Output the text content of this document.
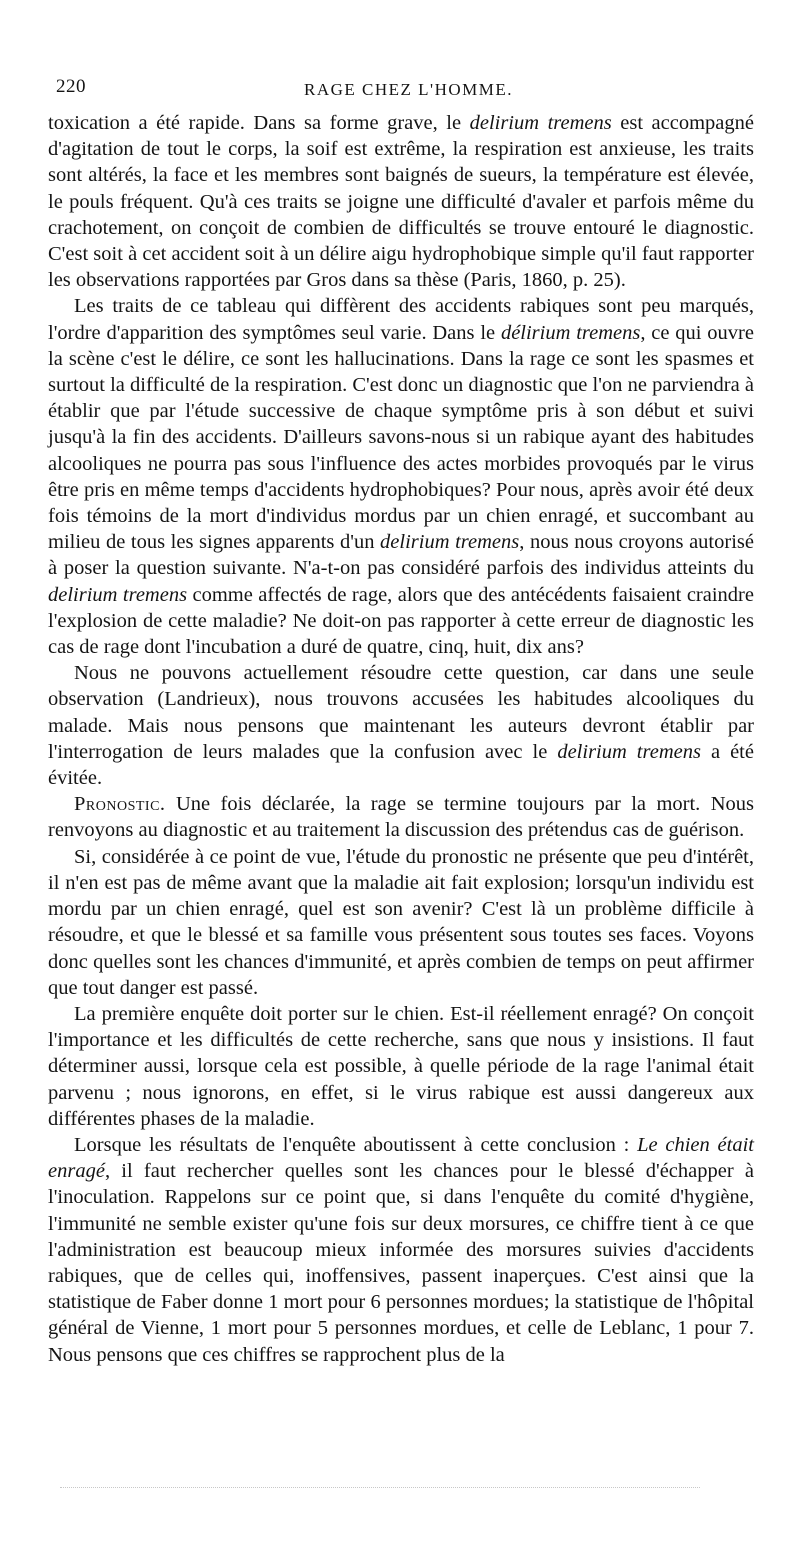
220	RAGE CHEZ L'HOMME.

toxication a été rapide. Dans sa forme grave, le delirium tremens est accompagné d'agitation de tout le corps, la soif est extrême, la respiration est anxieuse, les traits sont altérés, la face et les membres sont baignés de sueurs, la température est élevée, le pouls fréquent. Qu'à ces traits se joigne une difficulté d'avaler et parfois même du crachotement, on conçoit de combien de difficultés se trouve entouré le diagnostic. C'est soit à cet accident soit à un délire aigu hydrophobique simple qu'il faut rapporter les observations rapportées par Gros dans sa thèse (Paris, 1860, p. 25).

Les traits de ce tableau qui diffèrent des accidents rabiques sont peu marqués, l'ordre d'apparition des symptômes seul varie. Dans le délirium tremens, ce qui ouvre la scène c'est le délire, ce sont les hallucinations. Dans la rage ce sont les spasmes et surtout la difficulté de la respiration. C'est donc un diagnostic que l'on ne parviendra à établir que par l'étude successive de chaque symptôme pris à son début et suivi jusqu'à la fin des accidents. D'ailleurs savons-nous si un rabique ayant des habitudes alcooliques ne pourra pas sous l'influence des actes morbides provoqués par le virus être pris en même temps d'accidents hydrophobiques? Pour nous, après avoir été deux fois témoins de la mort d'individus mordus par un chien enragé, et succombant au milieu de tous les signes apparents d'un delirium tremens, nous nous croyons autorisé à poser la question suivante. N'a-t-on pas considéré parfois des individus atteints du delirium tremens comme affectés de rage, alors que des antécédents faisaient craindre l'explosion de cette maladie? Ne doit-on pas rapporter à cette erreur de diagnostic les cas de rage dont l'incubation a duré de quatre, cinq, huit, dix ans?

Nous ne pouvons actuellement résoudre cette question, car dans une seule observation (Landrieux), nous trouvons accusées les habitudes alcooliques du malade. Mais nous pensons que maintenant les auteurs devront établir par l'interrogation de leurs malades que la confusion avec le delirium tremens a été évitée.

Pronostic. Une fois déclarée, la rage se termine toujours par la mort. Nous renvoyons au diagnostic et au traitement la discussion des prétendus cas de guérison.

Si, considérée à ce point de vue, l'étude du pronostic ne présente que peu d'intérêt, il n'en est pas de même avant que la maladie ait fait explosion; lorsqu'un individu est mordu par un chien enragé, quel est son avenir? C'est là un problème difficile à résoudre, et que le blessé et sa famille vous présentent sous toutes ses faces. Voyons donc quelles sont les chances d'immunité, et après combien de temps on peut affirmer que tout danger est passé.

La première enquête doit porter sur le chien. Est-il réellement enragé? On conçoit l'importance et les difficultés de cette recherche, sans que nous y insistions. Il faut déterminer aussi, lorsque cela est possible, à quelle période de la rage l'animal était parvenu ; nous ignorons, en effet, si le virus rabique est aussi dangereux aux différentes phases de la maladie.

Lorsque les résultats de l'enquête aboutissent à cette conclusion : Le chien était enragé, il faut rechercher quelles sont les chances pour le blessé d'échapper à l'inoculation. Rappelons sur ce point que, si dans l'enquête du comité d'hygiène, l'immunité ne semble exister qu'une fois sur deux morsures, ce chiffre tient à ce que l'administration est beaucoup mieux informée des morsures suivies d'accidents rabiques, que de celles qui, inoffensives, passent inaperçues. C'est ainsi que la statistique de Faber donne 1 mort pour 6 personnes mordues; la statistique de l'hôpital général de Vienne, 1 mort pour 5 personnes mordues, et celle de Leblanc, 1 pour 7. Nous pensons que ces chiffres se rapprochent plus de la
